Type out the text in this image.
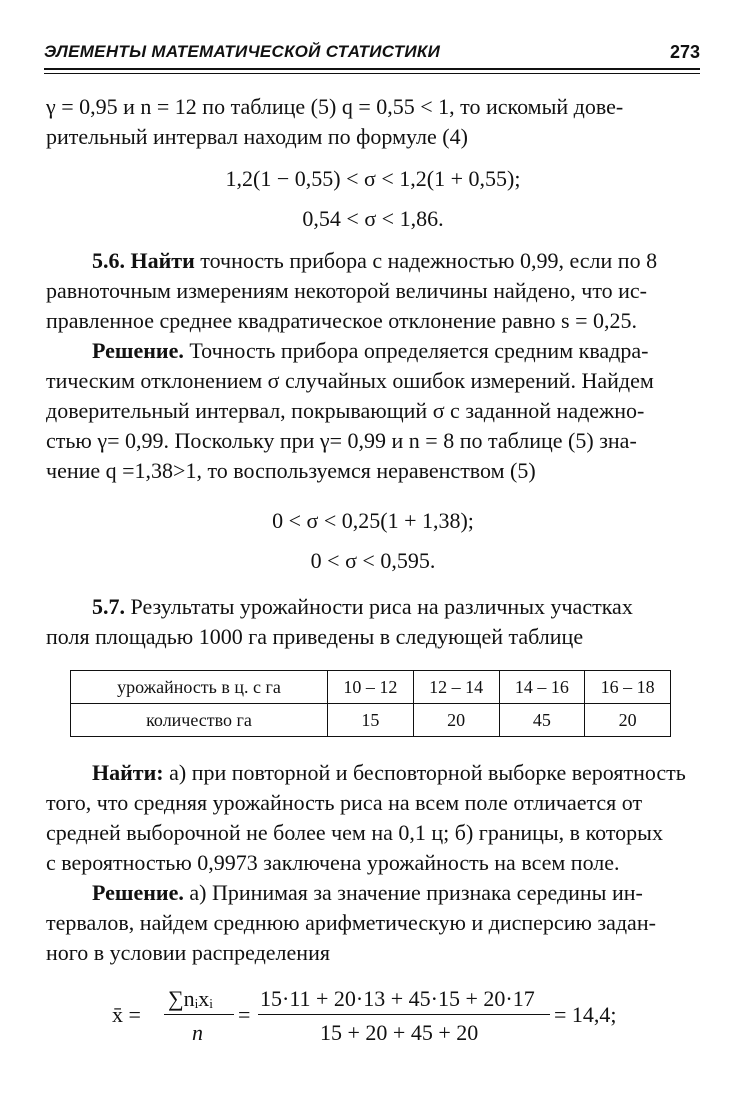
ЭЛЕМЕНТЫ МАТЕМАТИЧЕСКОЙ СТАТИСТИКИ	273

γ = 0,95 и n = 12 по таблице (5) q = 0,55 < 1, то искомый дове-

рительный интервал находим по формуле (4)

1,2(1 − 0,55) < σ < 1,2(1 + 0,55);
0,54 < σ < 1,86.

5.6. Найти точность прибора с надежностью 0,99, если по 8

равноточным измерениям некоторой величины найдено, что ис-

правленное среднее квадратическое отклонение равно s = 0,25.

Решение. Точность прибора определяется средним квадра-

тическим отклонением σ случайных ошибок измерений. Найдем

доверительный интервал, покрывающий σ с заданной надежно-

стью γ= 0,99. Поскольку при γ= 0,99 и n = 8 по таблице (5) зна-

чение q =1,38>1, то воспользуемся неравенством (5)

0 < σ < 0,25(1 + 1,38);
0 < σ < 0,595.

5.7. Результаты урожайности риса на различных участках

поля площадью 1000 га приведены в следующей таблице

урожайность в ц. с га	10 – 12	12 – 14	14 – 16	16 – 18
количество га	15	20	45	20

Найти: а) при повторной и бесповторной выборке вероятность

того, что средняя урожайность риса на всем поле отличается от

средней выборочной не более чем на 0,1 ц; б) границы, в которых

с вероятностью 0,9973 заключена урожайность на всем поле.

Решение. а) Принимая за значение признака середины ин-

тервалов, найдем среднюю арифметическую и дисперсию задан-

ного в условии распределения

x̄ =
∑nᵢxᵢ
n
=
15·11 + 20·13 + 45·15 + 20·17
15 + 20 + 45 + 20
= 14,4;
